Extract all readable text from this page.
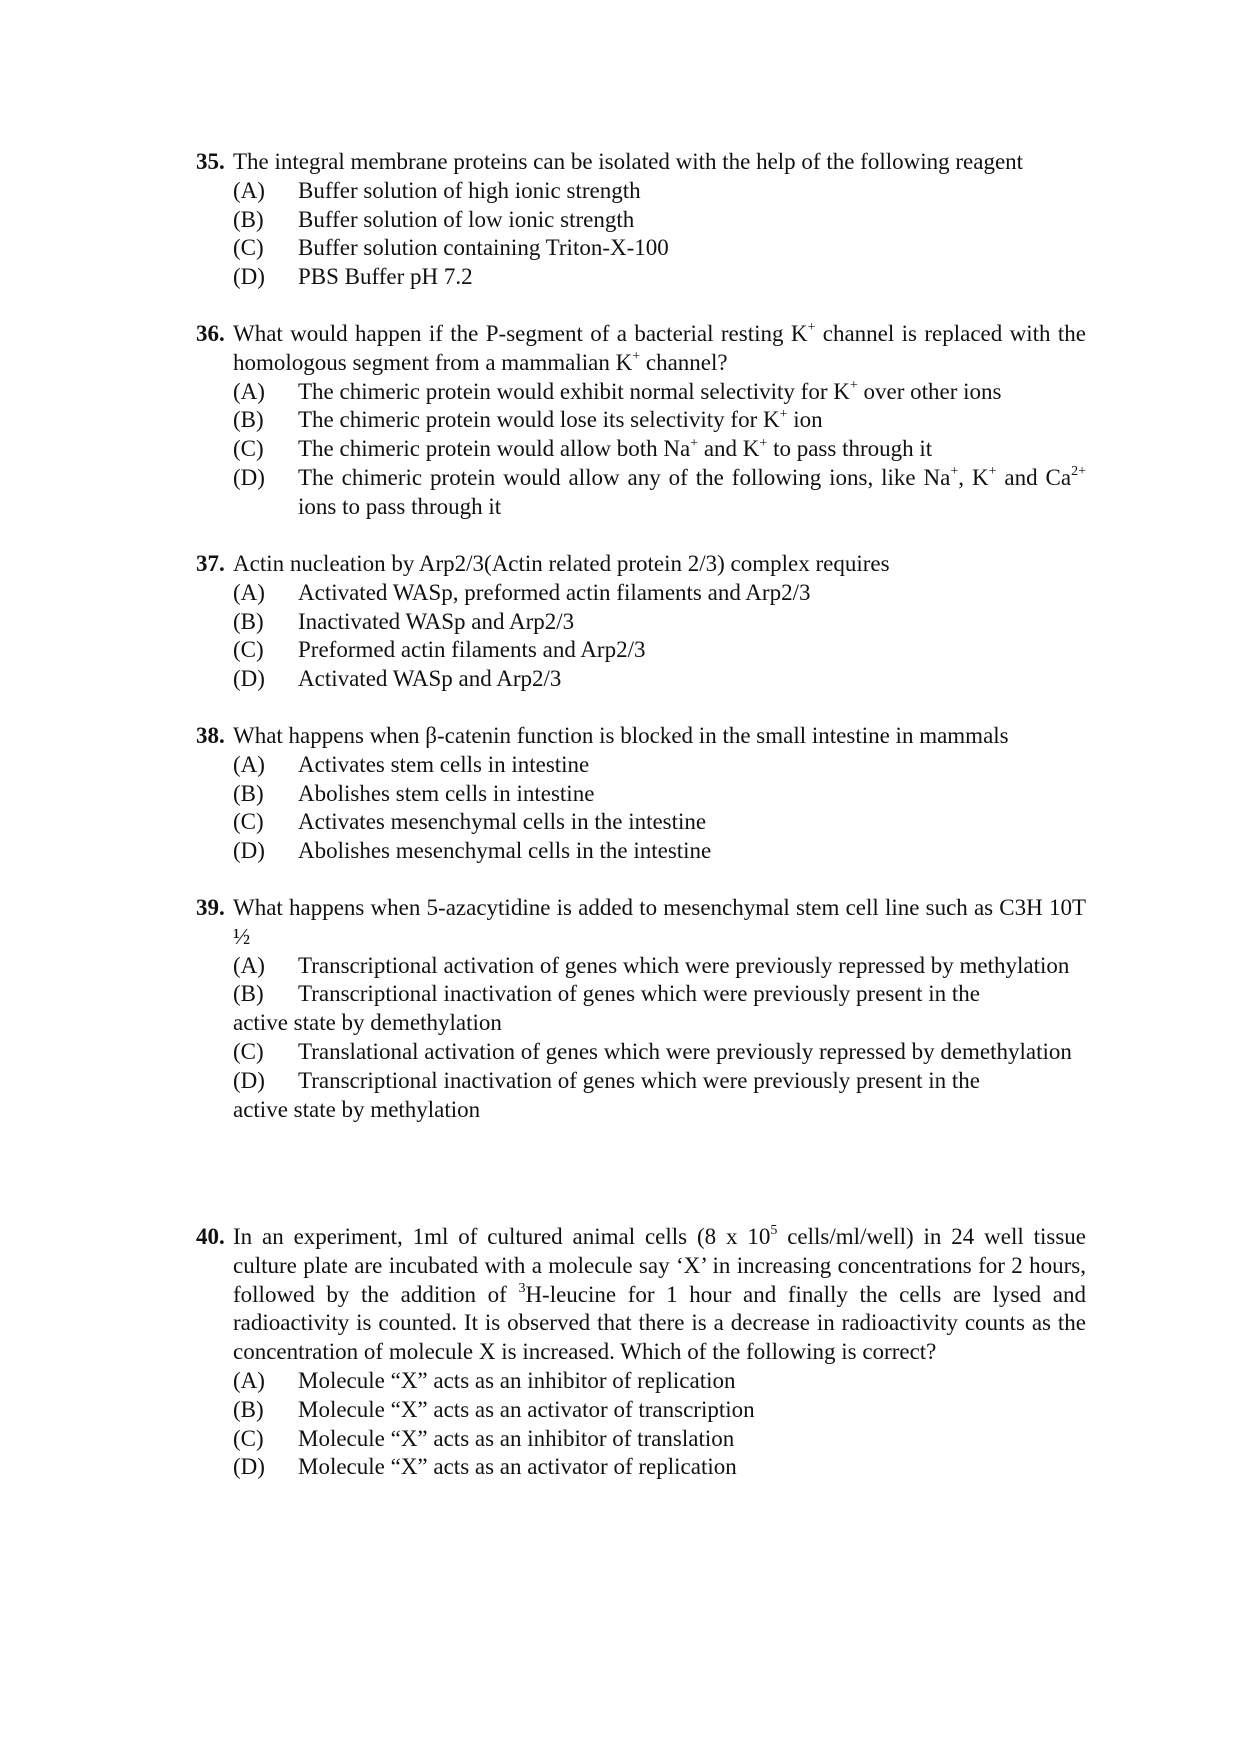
35. The integral membrane proteins can be isolated with the help of the following reagent
(A) Buffer solution of high ionic strength
(B) Buffer solution of low ionic strength
(C) Buffer solution containing Triton-X-100
(D) PBS Buffer pH 7.2
36. What would happen if the P-segment of a bacterial resting K+ channel is replaced with the homologous segment from a mammalian K+ channel?
(A) The chimeric protein would exhibit normal selectivity for K+ over other ions
(B) The chimeric protein would lose its selectivity for K+ ion
(C) The chimeric protein would allow both Na+ and K+ to pass through it
(D) The chimeric protein would allow any of the following ions, like Na+, K+ and $Ca^{2+}$ ions to pass through it
37. Actin nucleation by Arp2/3(Actin related protein 2/3) complex requires
(A) Activated WASp, preformed actin filaments and Arp2/3
(B) Inactivated WASp and Arp2/3
(C) Preformed actin filaments and Arp2/3
(D) Activated WASp and Arp2/3
38. What happens when β-catenin function is blocked in the small intestine in mammals
(A) Activates stem cells in intestine
(B) Abolishes stem cells in intestine
(C) Activates mesenchymal cells in the intestine
(D) Abolishes mesenchymal cells in the intestine
39. What happens when 5-azacytidine is added to mesenchymal stem cell line such as C3H 10T ½
(A) Transcriptional activation of genes which were previously repressed by methylation
(B) Transcriptional inactivation of genes which were previously present in the
active state by demethylation
(C) Translational activation of genes which were previously repressed by demethylation
(D) Transcriptional inactivation of genes which were previously present in the
active state by methylation
40. In an experiment, 1ml of cultured animal cells (8 x $10^5$ cells/ml/well) in 24 well tissue culture plate are incubated with a molecule say ‘X’ in increasing concentrations for 2 hours, followed by the addition of $^3$H-leucine for 1 hour and finally the cells are lysed and radioactivity is counted. It is observed that there is a decrease in radioactivity counts as the concentration of molecule X is increased. Which of the following is correct?
(A) Molecule “X” acts as an inhibitor of replication
(B) Molecule “X” acts as an activator of transcription
(C) Molecule “X” acts as an inhibitor of translation
(D) Molecule “X” acts as an activator of replication
